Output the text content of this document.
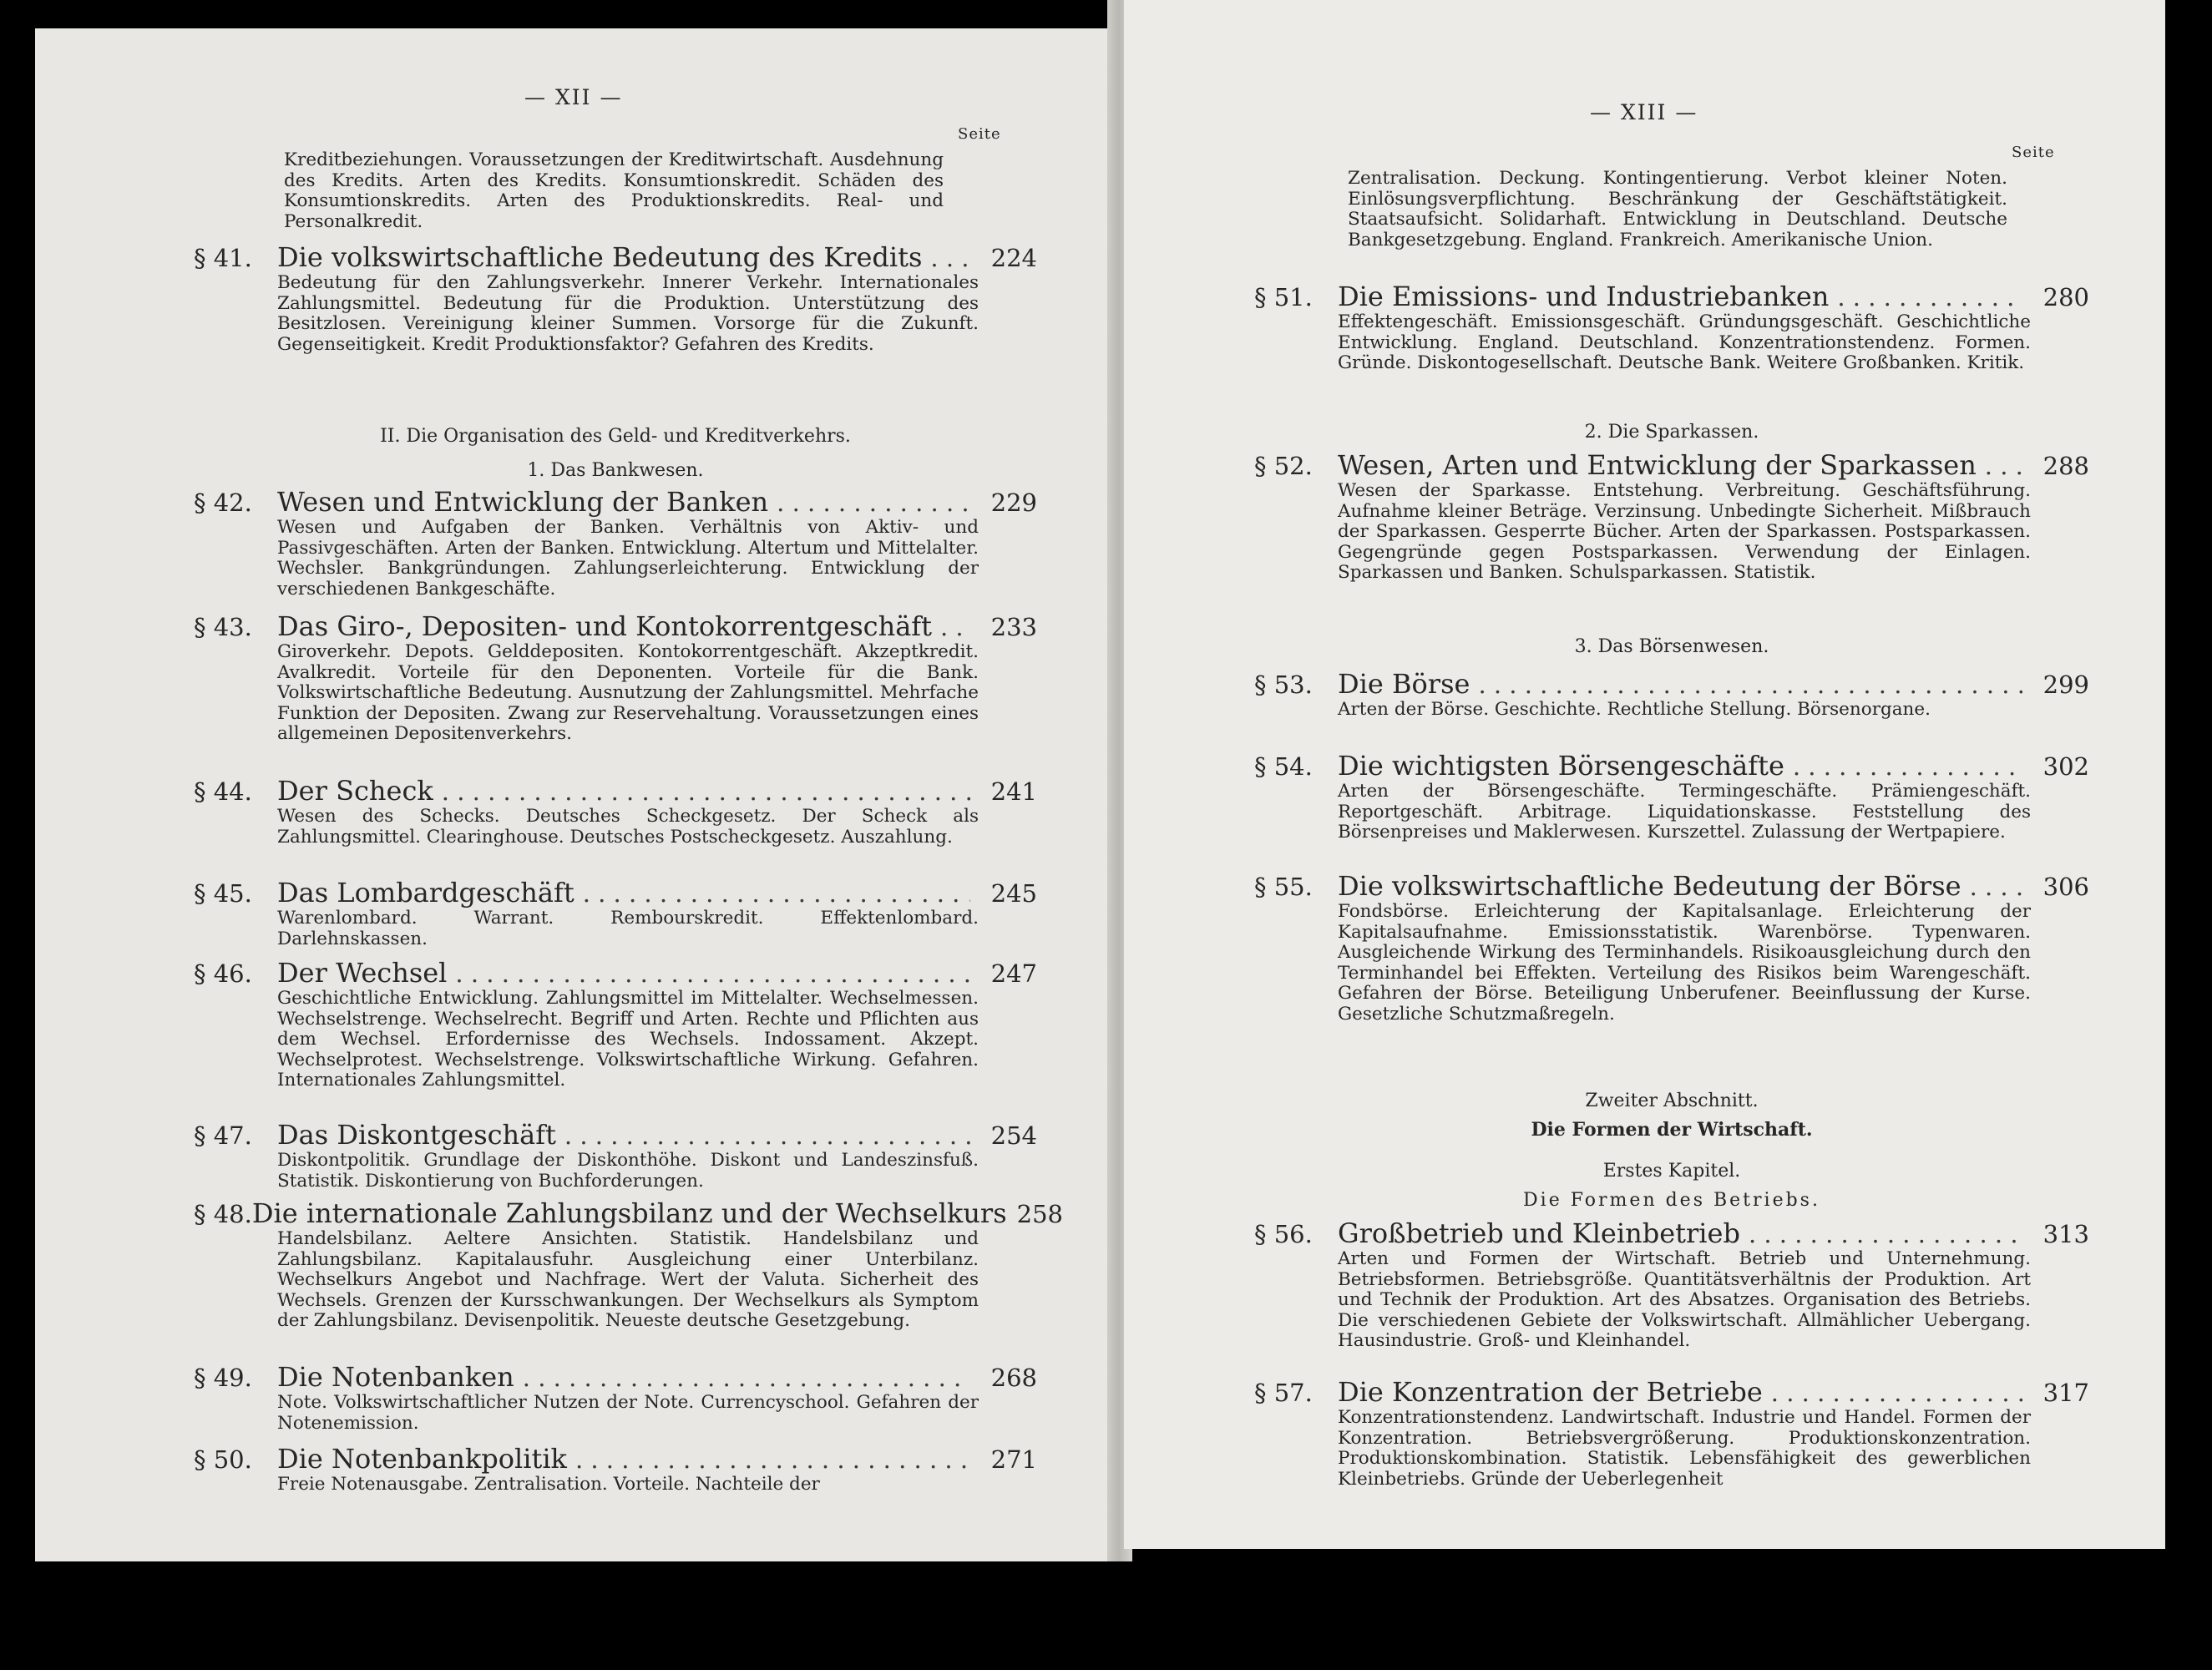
— XII —
Seite
Kreditbeziehungen. Voraussetzungen der Kreditwirtschaft. Ausdehnung des Kredits. Arten des Kredits. Konsumtionskredit. Schäden des Konsumtionskredits. Arten des Produktionskredits. Real- und Personalkredit.
§ 41. Die volkswirtschaftliche Bedeutung des Kredits . . .	224
Bedeutung für den Zahlungsverkehr. Innerer Verkehr. Internationales Zahlungsmittel. Bedeutung für die Produktion. Unterstützung des Besitzlosen. Vereinigung kleiner Summen. Vorsorge für die Zukunft. Gegenseitigkeit. Kredit Produktionsfaktor? Gefahren des Kredits.
II. Die Organisation des Geld- und Kreditverkehrs.
1. Das Bankwesen.
§ 42. Wesen und Entwicklung der Banken . . .	229
Wesen und Aufgaben der Banken. Verhältnis von Aktiv- und Passivgeschäften. Arten der Banken. Entwicklung. Altertum und Mittelalter. Wechsler. Bankgründungen. Zahlungserleichterung. Entwicklung der verschiedenen Bankgeschäfte.
§ 43. Das Giro-, Depositen- und Kontokorrentgeschäft . . .	233
Giroverkehr. Depots. Gelddepositen. Kontokorrentgeschäft. Akzeptkredit. Avalkredit. Vorteile für den Deponenten. Vorteile für die Bank. Volkswirtschaftliche Bedeutung. Ausnutzung der Zahlungsmittel. Mehrfache Funktion der Depositen. Zwang zur Reservehaltung. Voraussetzungen eines allgemeinen Depositenverkehrs.
§ 44. Der Scheck . . .	241
Wesen des Schecks. Deutsches Scheckgesetz. Der Scheck als Zahlungsmittel. Clearinghouse. Deutsches Postscheckgesetz. Auszahlung.
§ 45. Das Lombardgeschäft . . .	245
Warenlombard. Warrant. Rembourskredit. Effektenlombard. Darlehnskassen.
§ 46. Der Wechsel . . .	247
Geschichtliche Entwicklung. Zahlungsmittel im Mittelalter. Wechselmessen. Wechselstrenge. Wechselrecht. Begriff und Arten. Rechte und Pflichten aus dem Wechsel. Erfordernisse des Wechsels. Indossament. Akzept. Wechselprotest. Wechselstrenge. Volkswirtschaftliche Wirkung. Gefahren. Internationales Zahlungsmittel.
§ 47. Das Diskontgeschäft . . .	254
Diskontpolitik. Grundlage der Diskonthöhe. Diskont und Landeszinsfuß. Statistik. Diskontierung von Buchforderungen.
§ 48. Die internationale Zahlungsbilanz und der Wechselkurs 258
Handelsbilanz. Aeltere Ansichten. Statistik. Handelsbilanz und Zahlungsbilanz. Kapitalausfuhr. Ausgleichung einer Unterbilanz. Wechselkurs Angebot und Nachfrage. Wert der Valuta. Sicherheit des Wechsels. Grenzen der Kursschwankungen. Der Wechselkurs als Symptom der Zahlungsbilanz. Devisenpolitik. Neueste deutsche Gesetzgebung.
§ 49. Die Notenbanken . . .	268
Note. Volkswirtschaftlicher Nutzen der Note. Currencyschool. Gefahren der Notenemission.
§ 50. Die Notenbankpolitik . . .	271
Freie Notenausgabe. Zentralisation. Vorteile. Nachteile der
— XIII —
Seite
Zentralisation. Deckung. Kontingentierung. Verbot kleiner Noten. Einlösungsverpflichtung. Beschränkung der Geschäftstätigkeit. Staatsaufsicht. Solidarhaft. Entwicklung in Deutschland. Deutsche Bankgesetzgebung. England. Frankreich. Amerikanische Union.
§ 51. Die Emissions- und Industriebanken . . .	280
Effektengeschäft. Emissionsgeschäft. Gründungsgeschäft. Geschichtliche Entwicklung. England. Deutschland. Konzentrationstendenz. Formen. Gründe. Diskontogesellschaft. Deutsche Bank. Weitere Großbanken. Kritik.
2. Die Sparkassen.
§ 52. Wesen, Arten und Entwicklung der Sparkassen . . .	288
Wesen der Sparkasse. Entstehung. Verbreitung. Geschäftsführung. Aufnahme kleiner Beträge. Verzinsung. Unbedingte Sicherheit. Mißbrauch der Sparkassen. Gesperrte Bücher. Arten der Sparkassen. Postsparkassen. Gegengründe gegen Postsparkassen. Verwendung der Einlagen. Sparkassen und Banken. Schulsparkassen. Statistik.
3. Das Börsenwesen.
§ 53. Die Börse . . .	299
Arten der Börse. Geschichte. Rechtliche Stellung. Börsenorgane.
§ 54. Die wichtigsten Börsengeschäfte . . .	302
Arten der Börsengeschäfte. Termingeschäfte. Prämiengeschäft. Reportgeschäft. Arbitrage. Liquidationskasse. Feststellung des Börsenpreises und Maklerwesen. Kurszettel. Zulassung der Wertpapiere.
§ 55. Die volkswirtschaftliche Bedeutung der Börse . . .	306
Fondsbörse. Erleichterung der Kapitalsanlage. Erleichterung der Kapitalsaufnahme. Emissionsstatistik. Warenbörse. Typenwaren. Ausgleichende Wirkung des Terminhandels. Risikoausgleichung durch den Terminhandel bei Effekten. Verteilung des Risikos beim Warengeschäft. Gefahren der Börse. Beteiligung Unberufener. Beeinflussung der Kurse. Gesetzliche Schutzmaßregeln.
Zweiter Abschnitt.
Die Formen der Wirtschaft.
Erstes Kapitel.
Die Formen des Betriebs.
§ 56. Großbetrieb und Kleinbetrieb . . .	313
Arten und Formen der Wirtschaft. Betrieb und Unternehmung. Betriebsformen. Betriebsgröße. Quantitätsverhältnis der Produktion. Art und Technik der Produktion. Art des Absatzes. Organisation des Betriebs. Die verschiedenen Gebiete der Volkswirtschaft. Allmählicher Uebergang. Hausindustrie. Groß- und Kleinhandel.
§ 57. Die Konzentration der Betriebe . . .	317
Konzentrationstendenz. Landwirtschaft. Industrie und Handel. Formen der Konzentration. Betriebsvergrößerung. Produktionskonzentration. Produktionskombination. Statistik. Lebensfähigkeit des gewerblichen Kleinbetriebs. Gründe der Ueberlegenheit
